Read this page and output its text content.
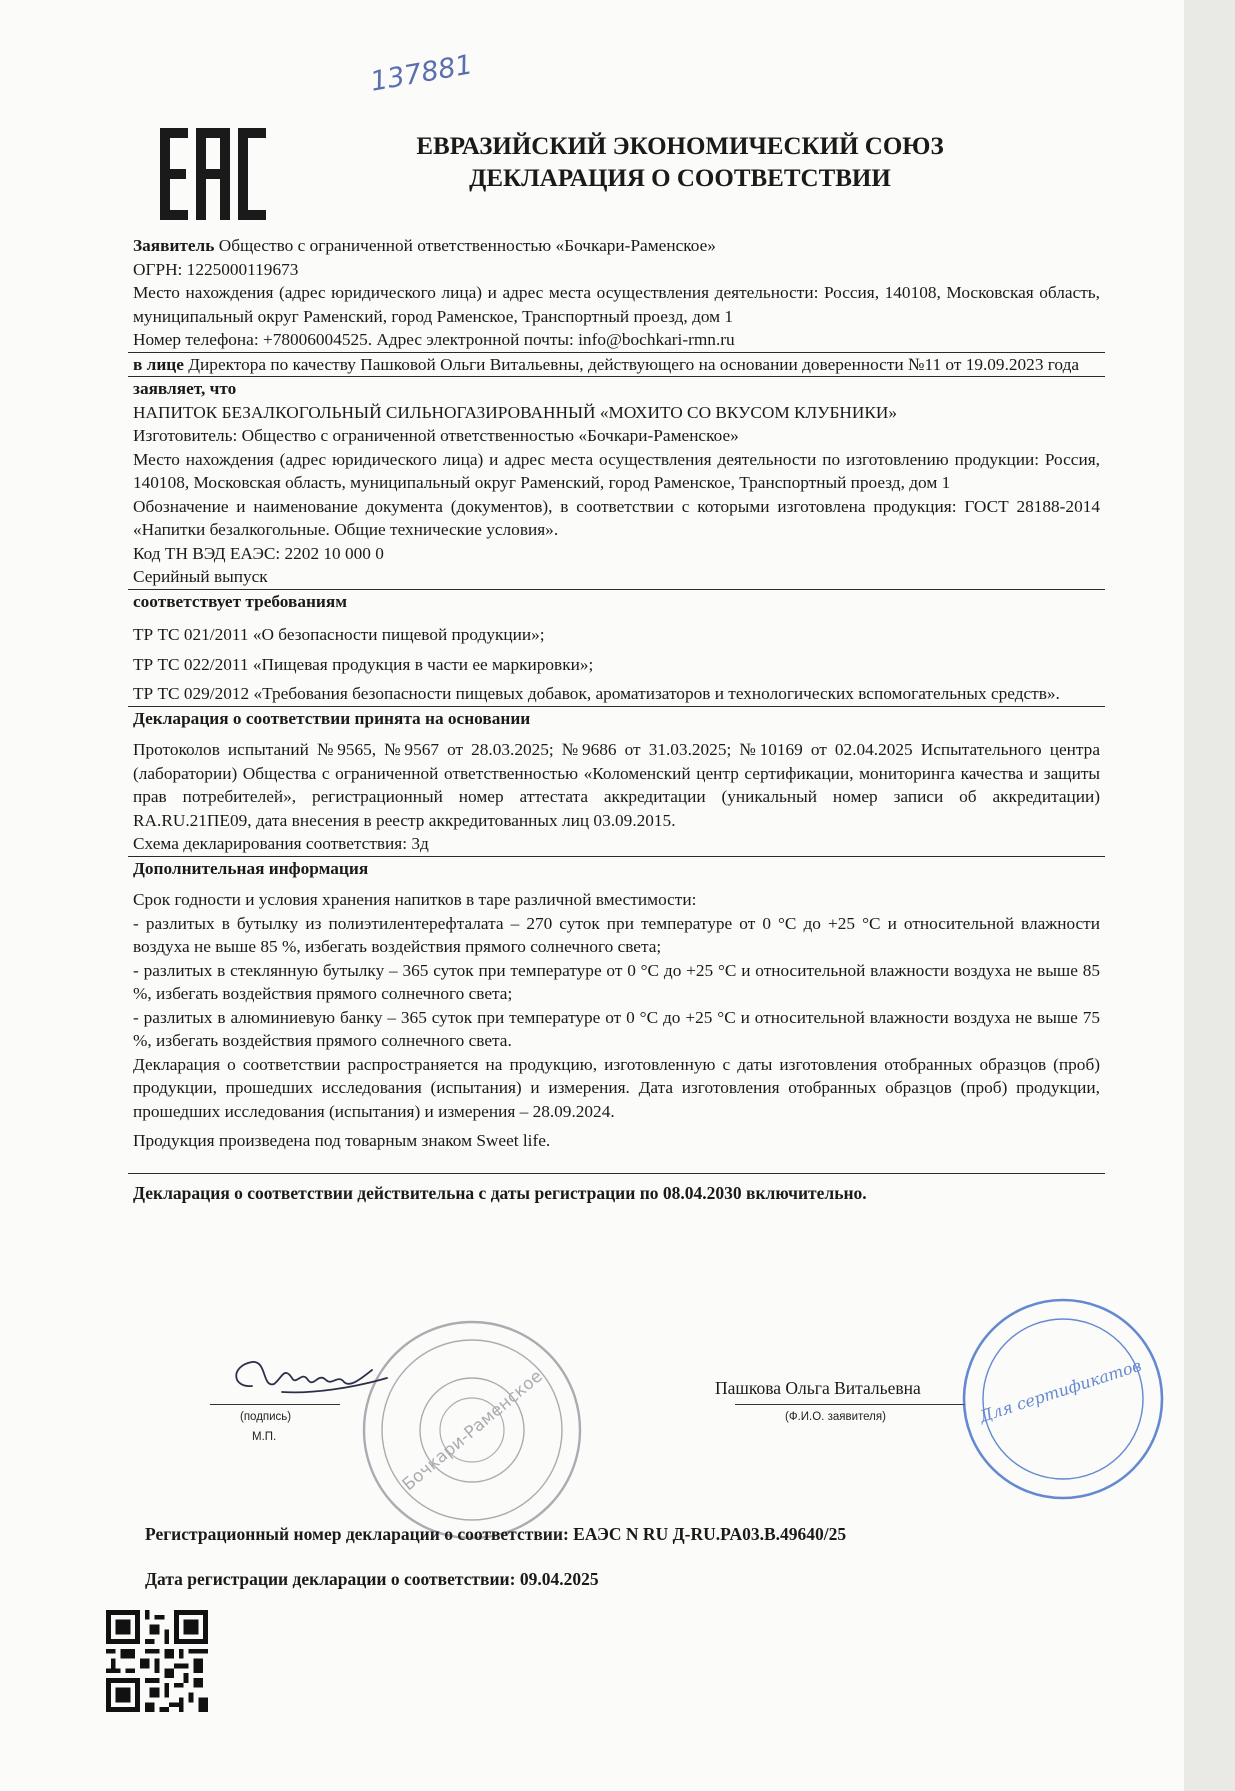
137881
ЕВРАЗИЙСКИЙ ЭКОНОМИЧЕСКИЙ СОЮЗ
ДЕКЛАРАЦИЯ О СООТВЕТСТВИИ

Заявитель Общество с ограниченной ответственностью «Бочкари-Раменское»

ОГРН: 1225000119673

Место нахождения (адрес юридического лица) и адрес места осуществления деятельности: Россия, 140108, Московская область, муниципальный округ Раменский, город Раменское, Транспортный проезд, дом 1

Номер телефона: +78006004525. Адрес электронной почты: info@bochkari-rmn.ru

в лице Директора по качеству Пашковой Ольги Витальевны, действующего на основании доверенности №11 от 19.09.2023 года

заявляет, что

НАПИТОК БЕЗАЛКОГОЛЬНЫЙ СИЛЬНОГАЗИРОВАННЫЙ «МОХИТО СО ВКУСОМ КЛУБНИКИ»

Изготовитель: Общество с ограниченной ответственностью «Бочкари-Раменское»

Место нахождения (адрес юридического лица) и адрес места осуществления деятельности по изготовлению продукции: Россия, 140108, Московская область, муниципальный округ Раменский, город Раменское, Транспортный проезд, дом 1

Обозначение и наименование документа (документов), в соответствии с которыми изготовлена продукция: ГОСТ 28188-2014 «Напитки безалкогольные. Общие технические условия».

Код ТН ВЭД ЕАЭС: 2202 10 000 0

Серийный выпуск

соответствует требованиям

ТР ТС 021/2011 «О безопасности пищевой продукции»;

ТР ТС 022/2011 «Пищевая продукция в части ее маркировки»;

ТР ТС 029/2012 «Требования безопасности пищевых добавок, ароматизаторов и технологических вспомогательных средств».

Декларация о соответствии принята на основании

Протоколов испытаний №9565, №9567 от 28.03.2025; №9686 от 31.03.2025; №10169 от 02.04.2025 Испытательного центра (лаборатории) Общества с ограниченной ответственностью «Коломенский центр сертификации, мониторинга качества и защиты прав потребителей», регистрационный номер аттестата аккредитации (уникальный номер записи об аккредитации) RA.RU.21ПЕ09, дата внесения в реестр аккредитованных лиц 03.09.2015.

Схема декларирования соответствия: 3д

Дополнительная информация

Срок годности и условия хранения напитков в таре различной вместимости:

- разлитых в бутылку из полиэтилентерефталата – 270 суток при температуре от 0 °С до +25 °С и относительной влажности воздуха не выше 85 %, избегать воздействия прямого солнечного света;

- разлитых в стеклянную бутылку – 365 суток при температуре от 0 °С до +25 °С и относительной влажности воздуха не выше 85 %, избегать воздействия прямого солнечного света;

- разлитых в алюминиевую банку – 365 суток при температуре от 0 °С до +25 °С и относительной влажности воздуха не выше 75 %, избегать воздействия прямого солнечного света.

Декларация о соответствии распространяется на продукцию, изготовленную с даты изготовления отобранных образцов (проб) продукции, прошедших исследования (испытания) и измерения. Дата изготовления отобранных образцов (проб) продукции, прошедших исследования (испытания) и измерения – 28.09.2024.

Продукция произведена под товарным знаком Sweet life.

Декларация о соответствии действительна с даты регистрации по 08.04.2030 включительно.
Бочкари-Раменское
(подпись)
М.П.
Пашкова Ольга Витальевна
(Ф.И.О. заявителя)	Для сертификатов
Регистрационный номер декларации о соответствии: ЕАЭС N RU Д-RU.PA03.B.49640/25
Дата регистрации декларации о соответствии: 09.04.2025
